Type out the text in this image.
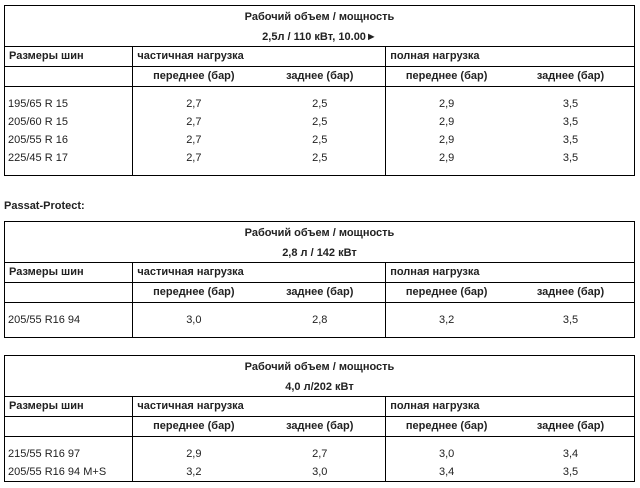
Рабочий объем / мощность				
2,5л / 110 кВт, 10.00►				
Размеры шин	частичная нагрузка		полная нагрузка	
	переднее (бар)	заднее (бар)	переднее (бар)	заднее (бар)

195/65 R 15	2,7	2,5	2,9	3,5
205/60 R 15	2,7	2,5	2,9	3,5
205/55 R 16	2,7	2,5	2,9	3,5
225/45 R 17	2,7	2,5	2,9	3,5

Passat-Protect:
Рабочий объем / мощность				
2,8 л / 142 кВт				
Размеры шин	частичная нагрузка		полная нагрузка	
	переднее (бар)	заднее (бар)	переднее (бар)	заднее (бар)

205/55 R16 94	3,0	2,8	3,2	3,5

Рабочий объем / мощность				
4,0 л/202 кВт				
Размеры шин	частичная нагрузка		полная нагрузка	
	переднее (бар)	заднее (бар)	переднее (бар)	заднее (бар)

215/55 R16 97	2,9	2,7	3,0	3,4
205/55 R16 94 M+S	3,2	3,0	3,4	3,5
